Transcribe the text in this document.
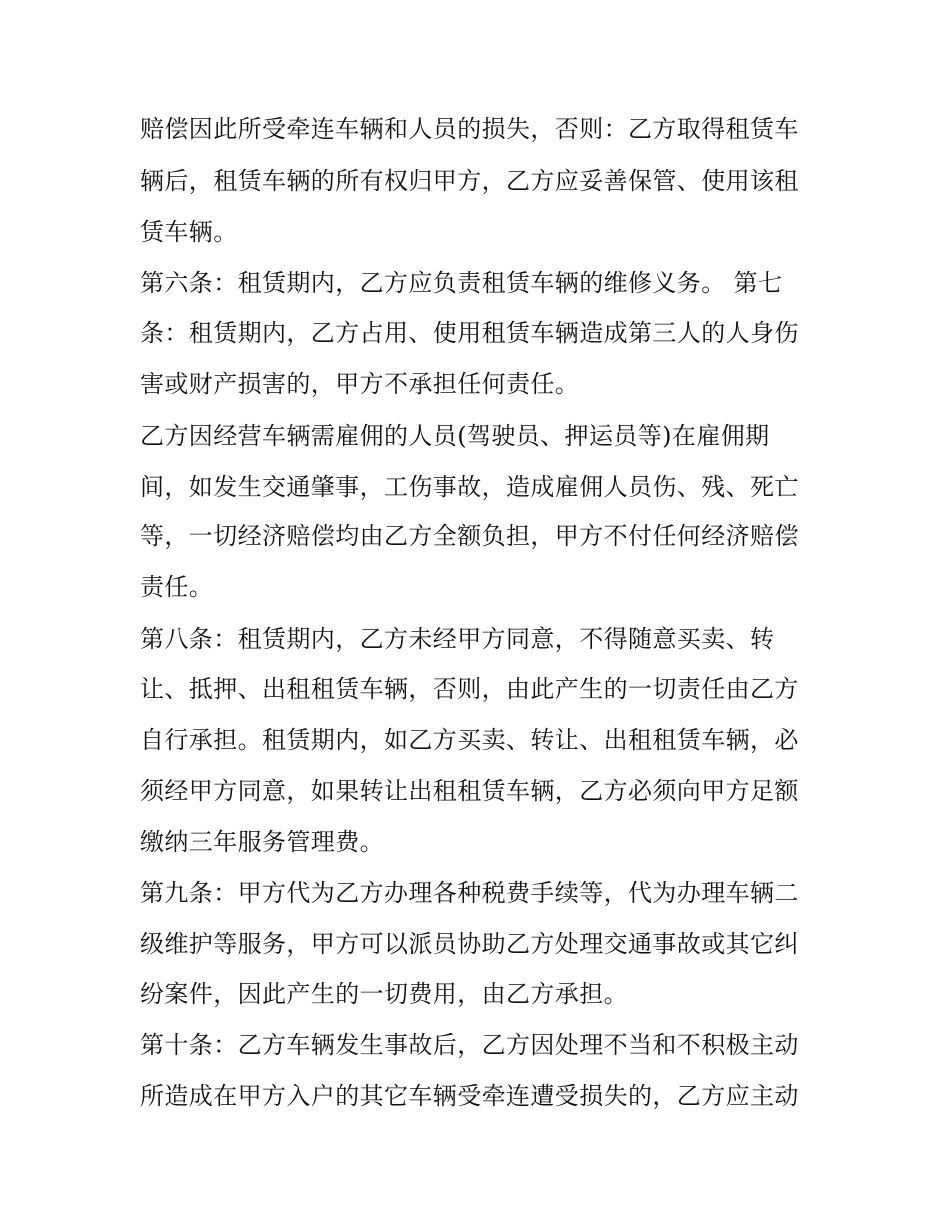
赔偿因此所受牵连车辆和人员的损失，否则：乙方取得租赁车
辆后，租赁车辆的所有权归甲方，乙方应妥善保管、使用该租
赁车辆。
第六条：租赁期内，乙方应负责租赁车辆的维修义务。 第七
条：租赁期内，乙方占用、使用租赁车辆造成第三人的人身伤
害或财产损害的，甲方不承担任何责任。
乙方因经营车辆需雇佣的人员(驾驶员、押运员等)在雇佣期
间，如发生交通肇事，工伤事故，造成雇佣人员伤、残、死亡
等，一切经济赔偿均由乙方全额负担，甲方不付任何经济赔偿
责任。
第八条：租赁期内，乙方未经甲方同意，不得随意买卖、转
让、抵押、出租租赁车辆，否则，由此产生的一切责任由乙方
自行承担。租赁期内，如乙方买卖、转让、出租租赁车辆，必
须经甲方同意，如果转让出租租赁车辆，乙方必须向甲方足额
缴纳三年服务管理费。
第九条：甲方代为乙方办理各种税费手续等，代为办理车辆二
级维护等服务，甲方可以派员协助乙方处理交通事故或其它纠
纷案件，因此产生的一切费用，由乙方承担。
第十条：乙方车辆发生事故后，乙方因处理不当和不积极主动
所造成在甲方入户的其它车辆受牵连遭受损失的，乙方应主动
